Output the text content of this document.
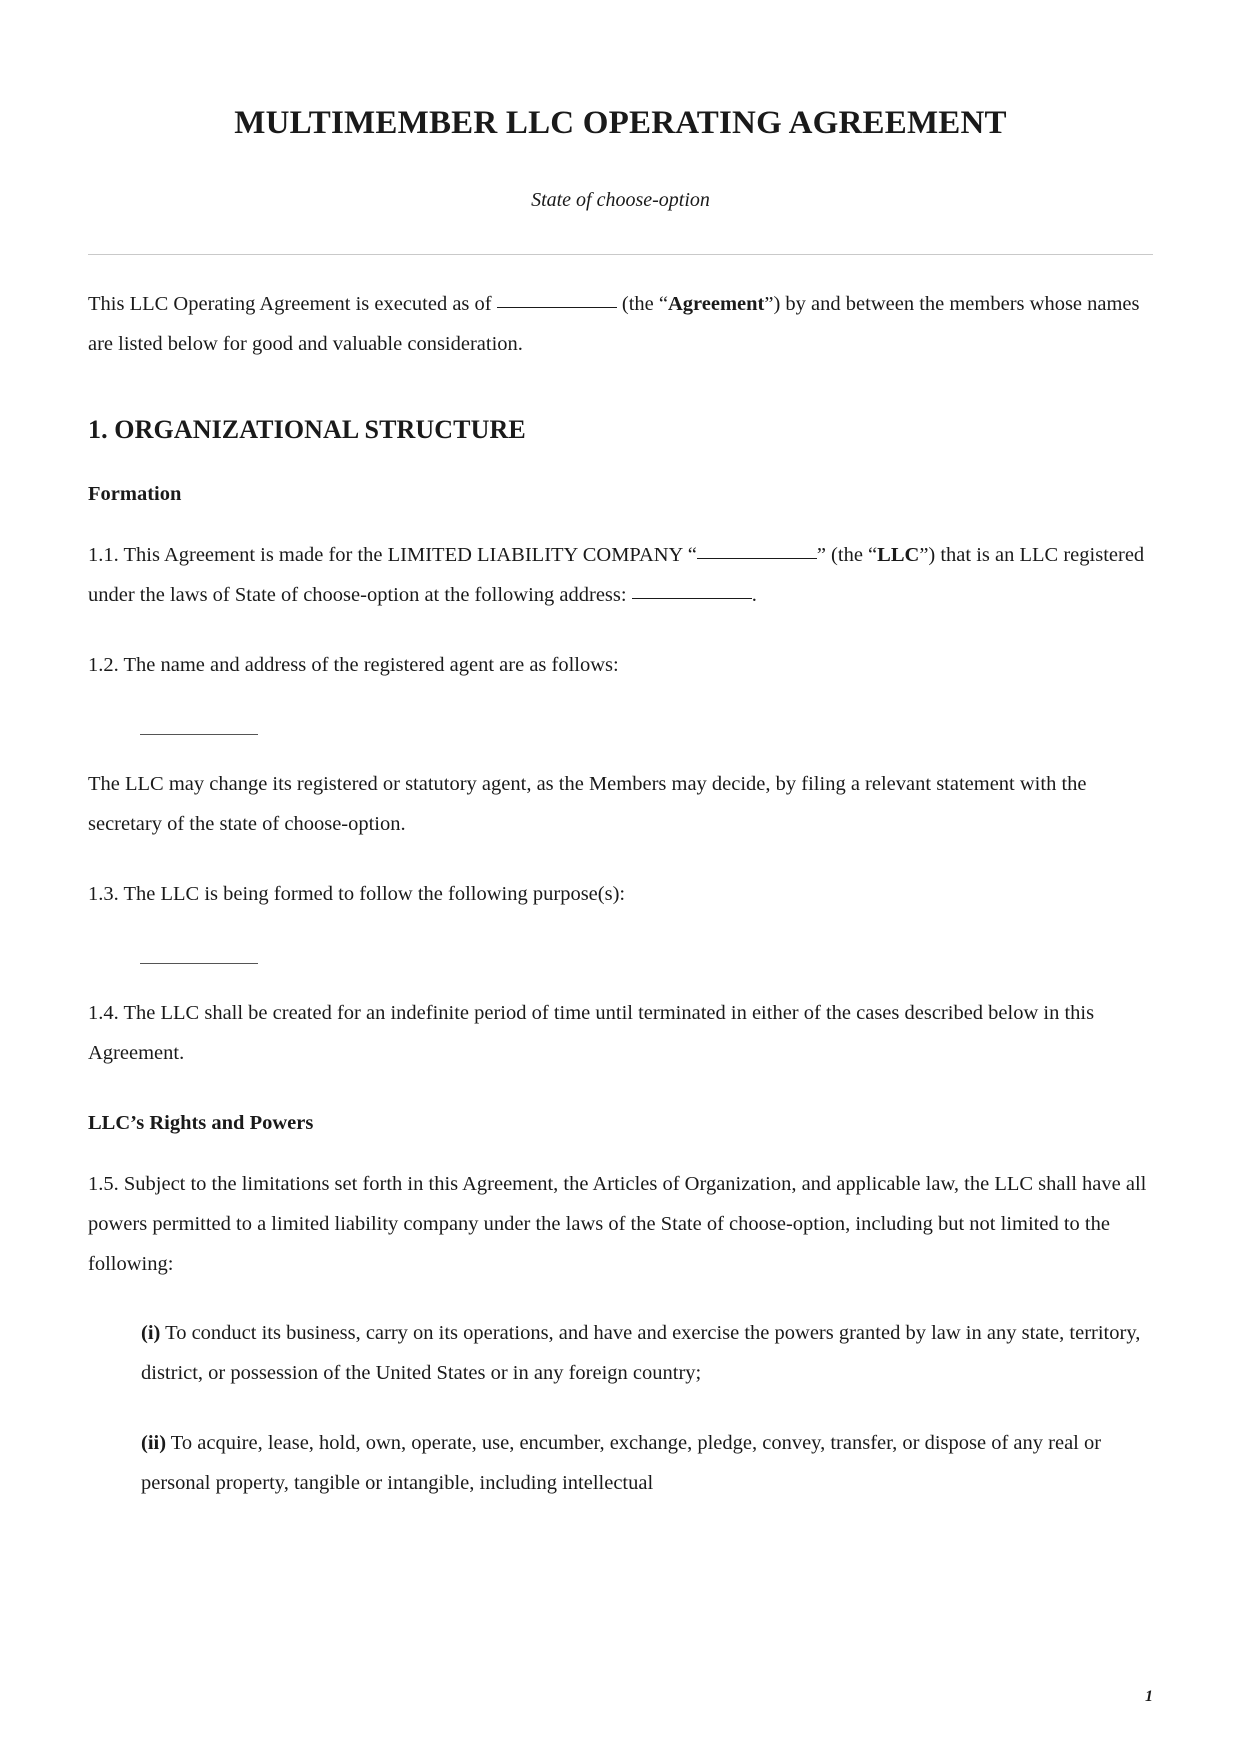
MULTIMEMBER LLC OPERATING AGREEMENT
State of choose-option

This LLC Operating Agreement is executed as of	(the “Agreement”) by and between the members whose names are listed below for good and valuable consideration.

1. ORGANIZATIONAL STRUCTURE
Formation

1.1. This Agreement is made for the LIMITED LIABILITY COMPANY “	” (the “LLC”) that is an LLC registered under the laws of State of choose-option at the following address:	.

1.2. The name and address of the registered agent are as follows:

The LLC may change its registered or statutory agent, as the Members may decide, by filing a relevant statement with the secretary of the state of choose-option.

1.3. The LLC is being formed to follow the following purpose(s):

1.4. The LLC shall be created for an indefinite period of time until terminated in either of the cases described below in this Agreement.

LLC’s Rights and Powers

1.5. Subject to the limitations set forth in this Agreement, the Articles of Organization, and applicable law, the LLC shall have all powers permitted to a limited liability company under the laws of the State of choose-option, including but not limited to the following:

(i) To conduct its business, carry on its operations, and have and exercise the powers granted by law in any state, territory, district, or possession of the United States or in any foreign country;

(ii) To acquire, lease, hold, own, operate, use, encumber, exchange, pledge, convey, transfer, or dispose of any real or personal property, tangible or intangible, including intellectual

1
